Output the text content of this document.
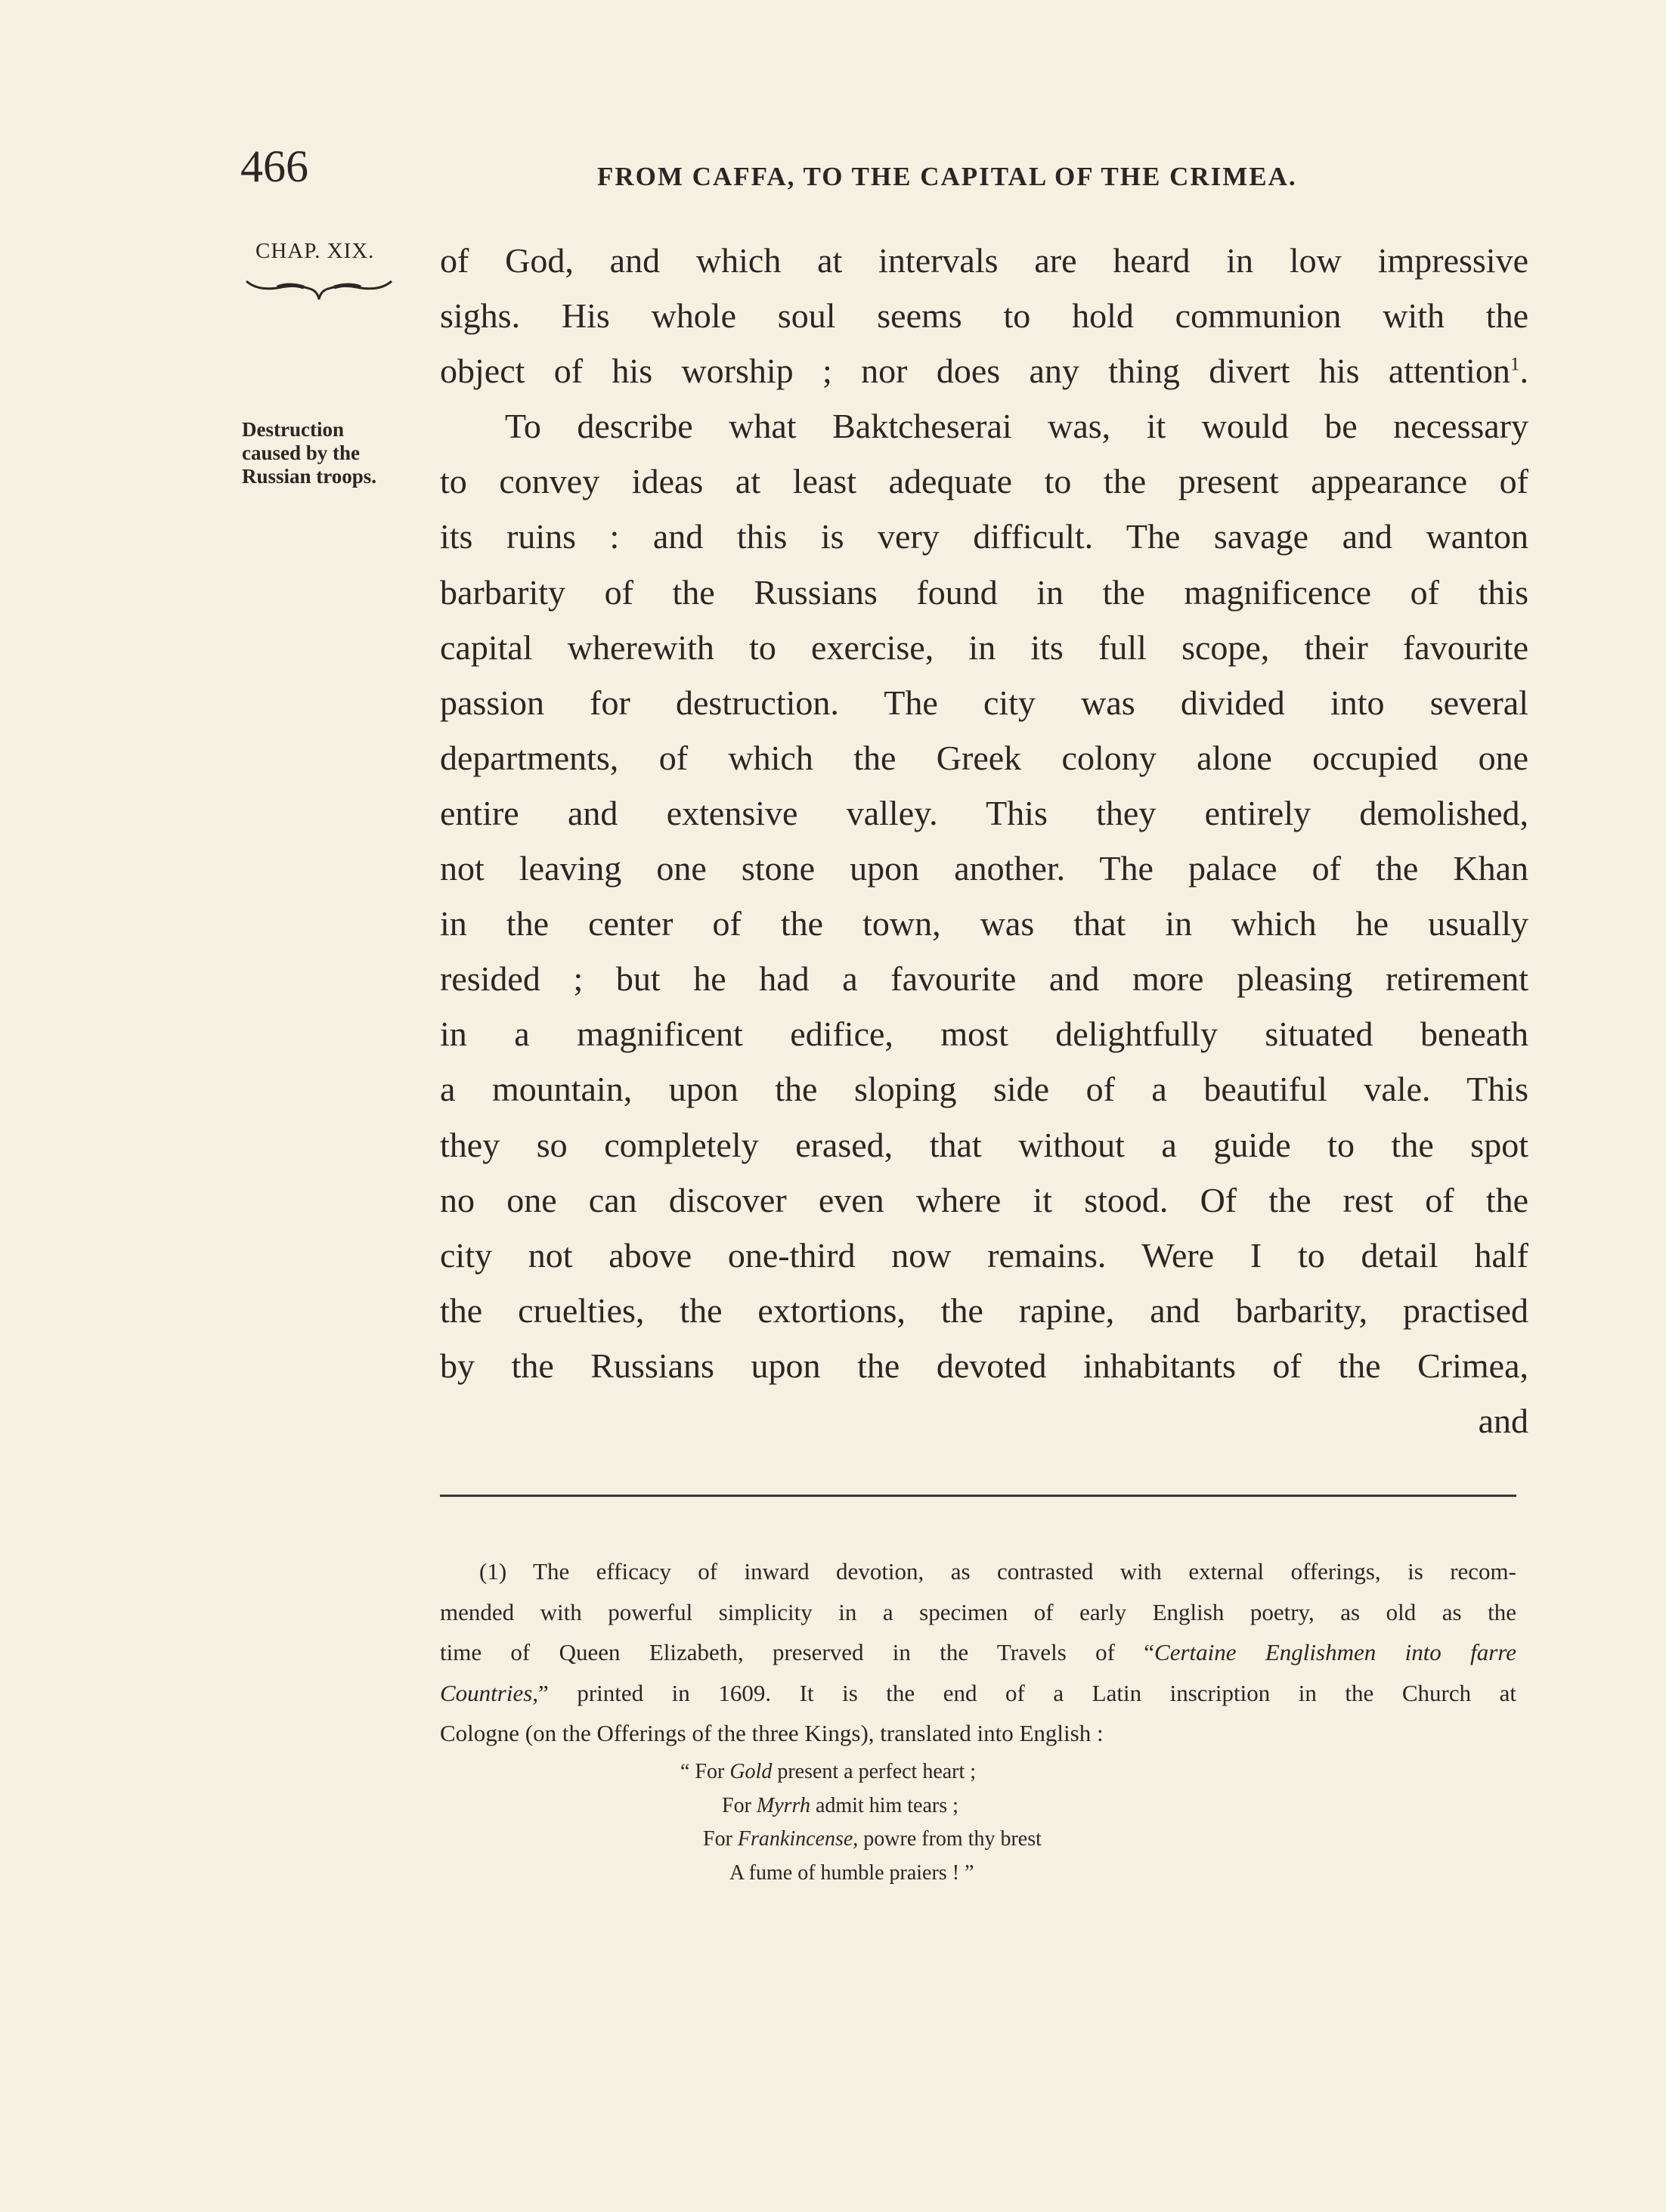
466	FROM CAFFA, TO THE CAPITAL OF THE CRIMEA.
CHAP. XIX.
Destruction
caused by the
Russian troops.
of God, and which at intervals are heard in low impressive
sighs. His whole soul seems to hold communion with the
object of his worship ; nor does any thing divert his attention$^1$.
To describe what Baktcheserai was, it would be necessary
to convey ideas at least adequate to the present appearance of
its ruins : and this is very difficult. The savage and wanton
barbarity of the Russians found in the magnificence of this
capital wherewith to exercise, in its full scope, their favourite
passion for destruction. The city was divided into several
departments, of which the Greek colony alone occupied one
entire and extensive valley. This they entirely demolished,
not leaving one stone upon another. The palace of the Khan
in the center of the town, was that in which he usually
resided ; but he had a favourite and more pleasing retirement
in a magnificent edifice, most delightfully situated beneath
a mountain, upon the sloping side of a beautiful vale. This
they so completely erased, that without a guide to the spot
no one can discover even where it stood. Of the rest of the
city not above one-third now remains. Were I to detail half
the cruelties, the extortions, the rapine, and barbarity, practised
by the Russians upon the devoted inhabitants of the Crimea,
and
(1) The efficacy of inward devotion, as contrasted with external offerings, is recom-
mended with powerful simplicity in a specimen of early English poetry, as old as the
time of Queen Elizabeth, preserved in the Travels of “Certaine Englishmen into farre
Countries,” printed in 1609. It is the end of a Latin inscription in the Church at
Cologne (on the Offerings of the three Kings), translated into English :
“ For Gold present a perfect heart ;
For Myrrh admit him tears ;
For Frankincense, powre from thy brest
A fume of humble praiers ! ”
